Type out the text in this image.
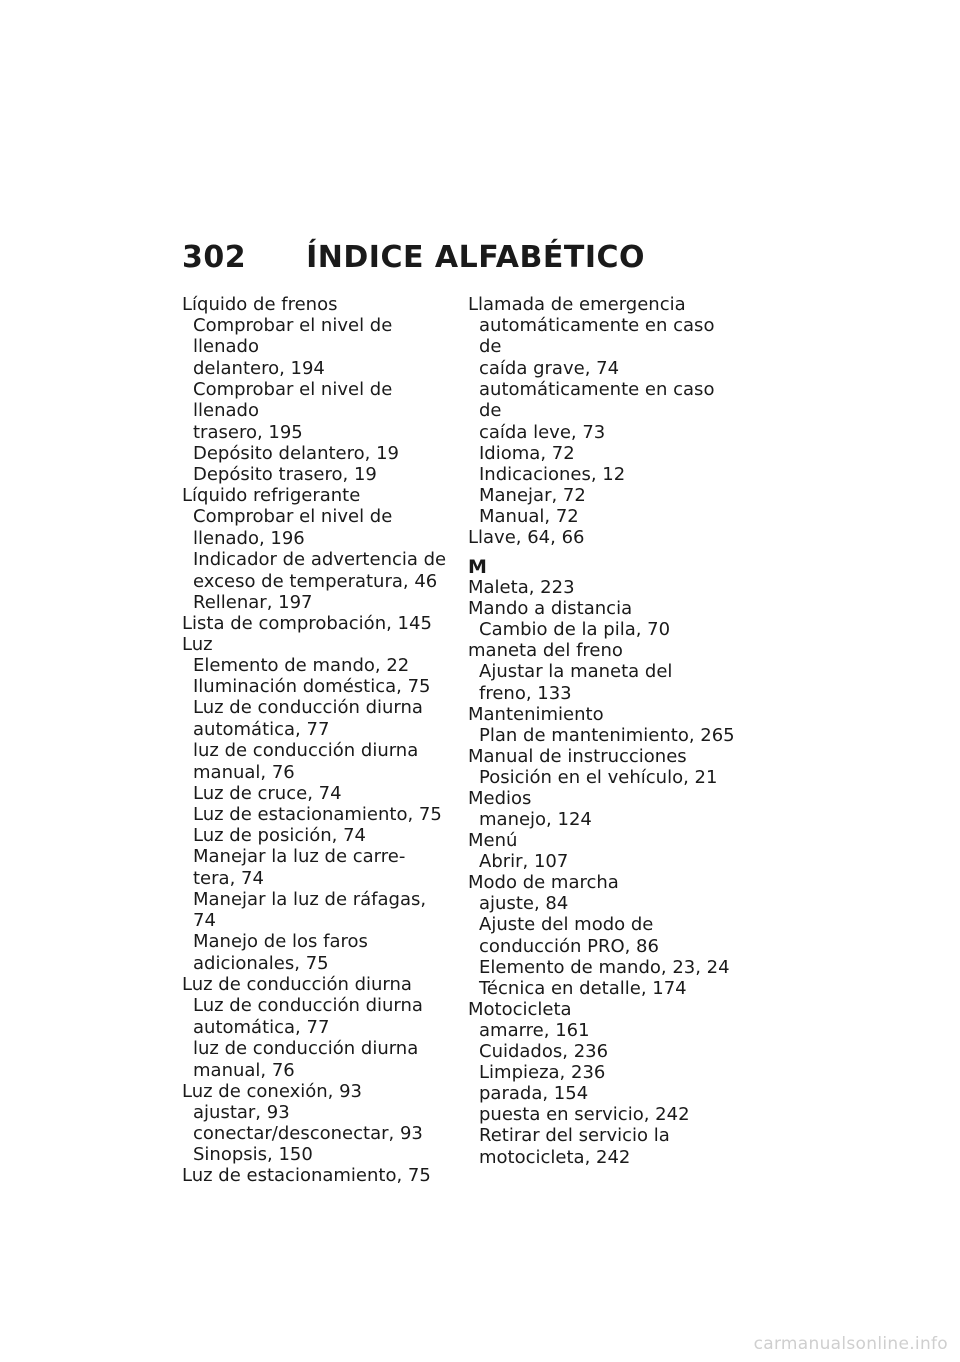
302 ÍNDICE ALFABÉTICO
Líquido de frenos
Comprobar el nivel de llenado
delantero, 194
Comprobar el nivel de llenado
trasero, 195
Depósito delantero, 19
Depósito trasero, 19
Líquido refrigerante
Comprobar el nivel de
llenado, 196
Indicador de advertencia de
exceso de temperatura, 46
Rellenar, 197
Lista de comprobación, 145
Luz
Elemento de mando, 22
Iluminación doméstica, 75
Luz de conducción diurna
automática, 77
luz de conducción diurna
manual, 76
Luz de cruce, 74
Luz de estacionamiento, 75
Luz de posición, 74
Manejar la luz de carre-
tera, 74
Manejar la luz de ráfagas, 74
Manejo de los faros
adicionales, 75
Luz de conducción diurna
Luz de conducción diurna
automática, 77
luz de conducción diurna
manual, 76
Luz de conexión, 93
ajustar, 93
conectar/desconectar, 93
Sinopsis, 150
Luz de estacionamiento, 75
Llamada de emergencia
automáticamente en caso de
caída grave, 74
automáticamente en caso de
caída leve, 73
Idioma, 72
Indicaciones, 12
Manejar, 72
Manual, 72
Llave, 64, 66
M
Maleta, 223
Mando a distancia
Cambio de la pila, 70
maneta del freno
Ajustar la maneta del
freno, 133
Mantenimiento
Plan de mantenimiento, 265
Manual de instrucciones
Posición en el vehículo, 21
Medios
manejo, 124
Menú
Abrir, 107
Modo de marcha
ajuste, 84
Ajuste del modo de
conducción PRO, 86
Elemento de mando, 23, 24
Técnica en detalle, 174
Motocicleta
amarre, 161
Cuidados, 236
Limpieza, 236
parada, 154
puesta en servicio, 242
Retirar del servicio la
motocicleta, 242
carmanualsonline.info
